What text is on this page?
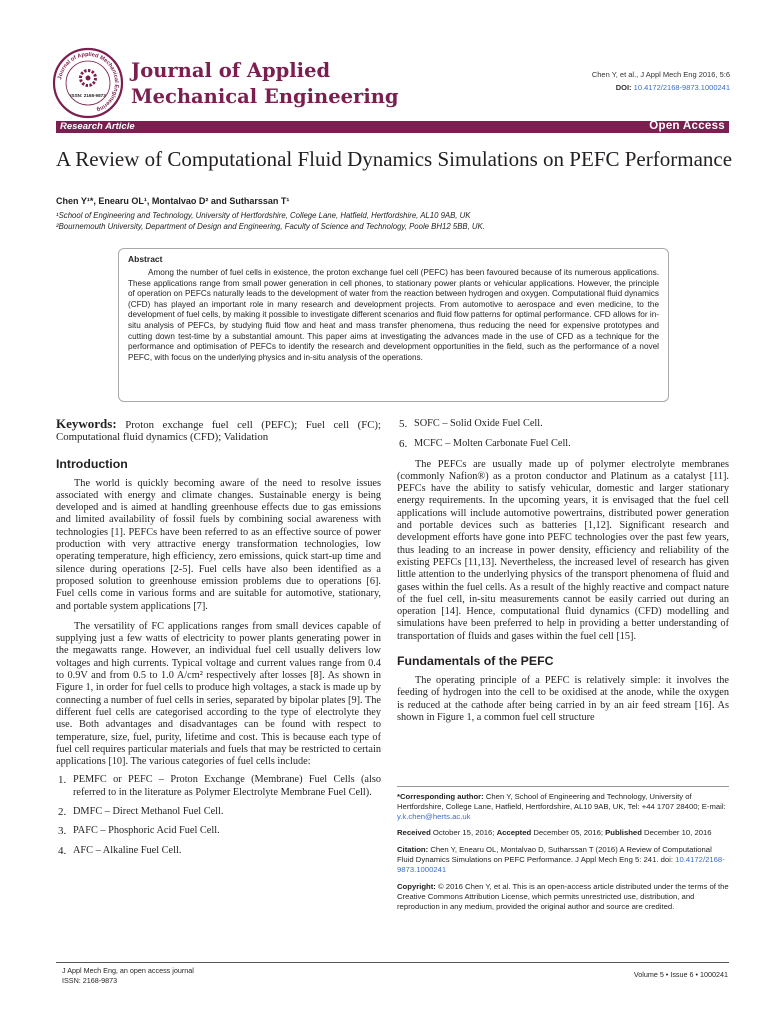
Journal of Applied Mechanical Engineering
ISSN: 2168-9873
Journal of Applied
Mechanical Engineering
Chen Y, et al., J Appl Mech Eng 2016, 5:6
DOI: 10.4172/2168-9873.1000241
Research Article	Open Access
A Review of Computational Fluid Dynamics Simulations on PEFC Performance
Chen Y¹*, Enearu OL¹, Montalvao D² and Sutharssan T¹
¹School of Engineering and Technology, University of Hertfordshire, College Lane, Hatfield, Hertfordshire, AL10 9AB, UK
²Bournemouth University, Department of Design and Engineering, Faculty of Science and Technology, Poole BH12 5BB, UK.
Abstract
Among the number of fuel cells in existence, the proton exchange fuel cell (PEFC) has been favoured because of its numerous applications. These applications range from small power generation in cell phones, to stationary power plants or vehicular applications. However, the principle of operation on PEFCs naturally leads to the development of water from the reaction between hydrogen and oxygen. Computational fluid dynamics (CFD) has played an important role in many research and development projects. From automotive to aerospace and even medicine, to the development of fuel cells, by making it possible to investigate different scenarios and fluid flow patterns for optimal performance. CFD allows for in-situ analysis of PEFCs, by studying fluid flow and heat and mass transfer phenomena, thus reducing the need for expensive prototypes and cutting down test-time by a substantial amount. This paper aims at investigating the advances made in the use of CFD as a technique for the performance and optimisation of PEFCs to identify the research and development opportunities in the field, such as the performance of a novel PEFC, with focus on the underlying physics and in-situ analysis of the operations.

Keywords: Proton exchange fuel cell (PEFC); Fuel cell (FC); Computational fluid dynamics (CFD); Validation

Introduction

The world is quickly becoming aware of the need to resolve issues associated with energy and climate changes. Sustainable energy is being developed and is aimed at handling greenhouse effects due to gas emissions and limited availability of fossil fuels by combining social awareness with technologies [1]. PEFCs have been referred to as an effective source of power production with very attractive energy transformation technologies, low operating temperature, high efficiency, zero emissions, quick start-up time and silence during operations [2-5]. Fuel cells have also been identified as a proposed solution to greenhouse emission problems due to operations [6]. Fuel cells come in various forms and are suitable for automotive, stationary, and portable system applications [7].

The versatility of FC applications ranges from small devices capable of supplying just a few watts of electricity to power plants generating power in the megawatts range. However, an individual fuel cell usually delivers low voltages and high currents. Typical voltage and current values range from 0.4 to 0.9V and from 0.5 to 1.0 A/cm² respectively after losses [8]. As shown in Figure 1, in order for fuel cells to produce high voltages, a stack is made up by connecting a number of fuel cells in series, separated by bipolar plates [9]. The different fuel cells are categorised according to the type of electrolyte they use. Both advantages and disadvantages can be found with respect to temperature, size, fuel, purity, lifetime and cost. This is because each type of fuel cell requires particular materials and fuels that may be restricted to certain applications [10]. The various categories of fuel cells include:

1. PEMFC or PEFC – Proton Exchange (Membrane) Fuel Cells (also referred to in the literature as Polymer Electrolyte Membrane Fuel Cell).
2. DMFC – Direct Methanol Fuel Cell.
3. PAFC – Phosphoric Acid Fuel Cell.
4. AFC – Alkaline Fuel Cell.
5. SOFC – Solid Oxide Fuel Cell.
6. MCFC – Molten Carbonate Fuel Cell.

The PEFCs are usually made up of polymer electrolyte membranes (commonly Nafion®) as a proton conductor and Platinum as a catalyst [11]. PEFCs have the ability to satisfy vehicular, domestic and larger stationary energy requirements. In the upcoming years, it is envisaged that the fuel cell applications will include automotive powertrains, distributed power generation and portable devices such as batteries [1,12]. Significant research and development efforts have gone into PEFC technologies over the past few years, thus leading to an increase in power density, efficiency and reliability of the existing PEFCs [11,13]. Nevertheless, the increased level of research has given little attention to the underlying physics of the transport phenomena of fluid and gases within the fuel cells. As a result of the highly reactive and compact nature of the fuel cell, in-situ measurements cannot be easily carried out during an operation [14]. Hence, computational fluid dynamics (CFD) modelling and simulations have been preferred to help in providing a better understanding of transportation of fluids and gases within the fuel cell [15].

Fundamentals of the PEFC

The operating principle of a PEFC is relatively simple: it involves the feeding of hydrogen into the cell to be oxidised at the anode, while the oxygen is reduced at the cathode after being carried in by an air feed stream [16]. As shown in Figure 1, a common fuel cell structure

*Corresponding author: Chen Y, School of Engineering and Technology, University of Hertfordshire, College Lane, Hatfield, Hertfordshire, AL10 9AB, UK, Tel: +44 1707 28400; E-mail: y.k.chen@herts.ac.uk

Received October 15, 2016; Accepted December 05, 2016; Published December 10, 2016

Citation: Chen Y, Enearu OL, Montalvao D, Sutharssan T (2016) A Review of Computational Fluid Dynamics Simulations on PEFC Performance. J Appl Mech Eng 5: 241. doi: 10.4172/2168-9873.1000241

Copyright: © 2016 Chen Y, et al. This is an open-access article distributed under the terms of the Creative Commons Attribution License, which permits unrestricted use, distribution, and reproduction in any medium, provided the original author and source are credited.

J Appl Mech Eng, an open access journal
ISSN: 2168-9873
Volume 5 • Issue 6 • 1000241
